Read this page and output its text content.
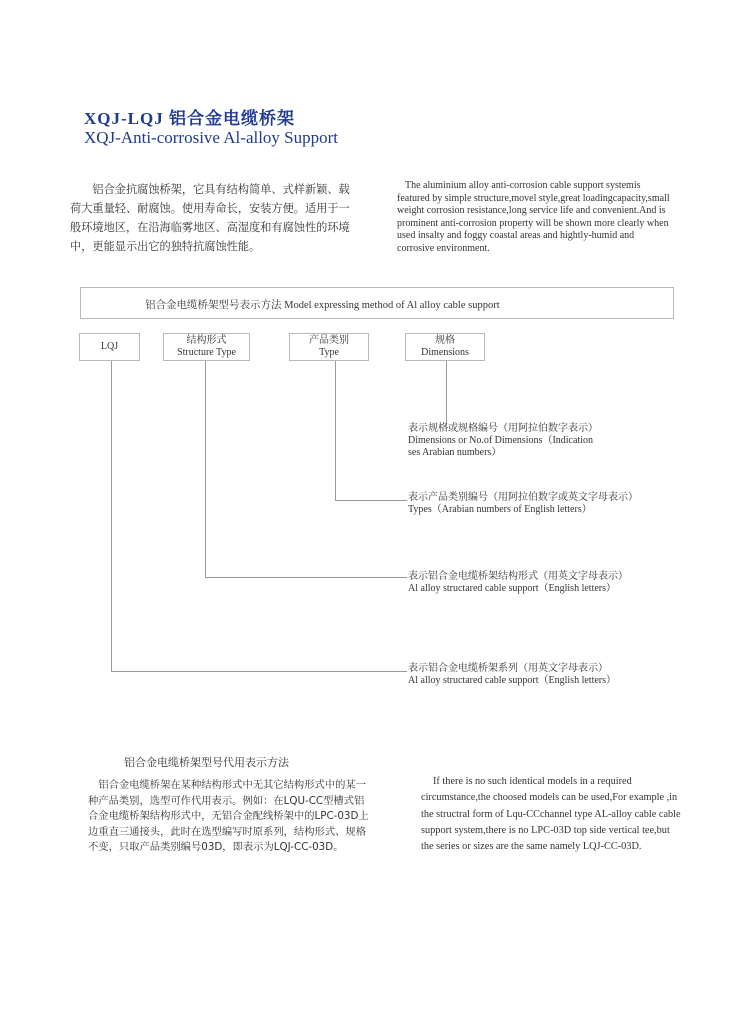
XQJ-LQJ 铝合金电缆桥架
XQJ-Anti-corrosive Al-alloy Support
铝合金抗腐蚀桥架，它具有结构简单、式样新颖、载荷大重量轻、耐腐蚀。使用寿命长，安装方便。适用于一般环境地区，在沿海临雾地区、高湿度和有腐蚀性的环境中，更能显示出它的独特抗腐蚀性能。
The aluminium alloy anti-corrosion cable support systemis featured by simple structure,movel style,great loadingcapacity,small weight corrosion resistance,long service life and convenient.And is prominent anti-corrosion property will be shown more clearly when used insalty and foggy coastal areas and hightly-humid and corrosive environment.
铝合金电缆桥架型号表示方法 Model expressing method of Al alloy cable support
LQJ
结构形式
Structure Type
产品类别
Type
规格
Dimensions
表示规格或规格编号（用阿拉伯数字表示）
Dimensions or No.of Dimensions（Indication
ses Arabian numbers）
表示产品类别编号（用阿拉伯数字或英文字母表示）
Types（Arabian numbers of English letters）
表示铝合金电缆桥架结构形式（用英文字母表示）
Al alloy structared cable support（English letters）
表示铝合金电缆桥架系列（用英文字母表示）
Al alloy structared cable support（English letters）
铝合金电缆桥架型号代用表示方法
铝合金电缆桥架在某种结构形式中无其它结构形式中的某一种产品类别，选型可作代用表示。例如：在LQU-CC型槽式铝合金电缆桥架结构形式中，无铝合金配线桥架中的LPC-03D上边重直三通接头，此时在选型编写时原系列，结构形式、规格不变，只取产品类别编号03D，即表示为LQJ-CC-03D。
If there is no such identical models in a required circumstance,the choosed models can be used,For example ,in the structral form of Lqu-CCchannel type AL-alloy cable cable support system,there is no LPC-03D top side vertical tee,but the series or sizes are the same namely LQJ-CC-03D.
